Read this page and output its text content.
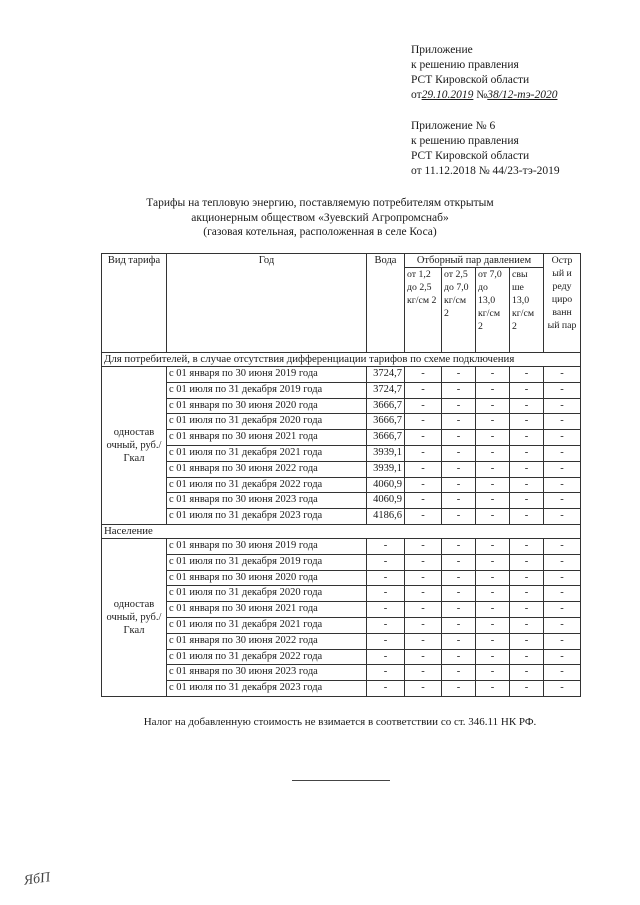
Приложение
к решению правления
РСТ Кировской области
от29.10.2019 №38/12-тэ-2020
Приложение № 6
к решению правления
РСТ Кировской области
от 11.12.2018 № 44/23-тэ-2019
Тарифы на тепловую энергию, поставляемую потребителям открытым
акционерным обществом «Зуевский Агропромснаб»
(газовая котельная, расположенная в селе Коса)
Вид тарифа	Год	Вода	Отборный пар давлением				Остр ый и реду циро ванн ый пар
			от 1,2 до 2,5 кг/см 2	от 2,5 до 7,0 кг/см 2	от 7,0 до 13,0 кг/см 2	свы ше 13,0 кг/см 2	
Для потребителей, в случае отсутствия дифференциации тарифов по схеме подключения							
одностав очный, руб./Гкал	с 01 января по 30 июня 2019 года	3724,7	-	-	-	-	-
	с 01 июля по 31 декабря 2019 года	3724,7	-	-	-	-	-
	с 01 января по 30 июня 2020 года	3666,7	-	-	-	-	-
	с 01 июля по 31 декабря 2020 года	3666,7	-	-	-	-	-
	с 01 января по 30 июня 2021 года	3666,7	-	-	-	-	-
	с 01 июля по 31 декабря 2021 года	3939,1	-	-	-	-	-
	с 01 января по 30 июня 2022 года	3939,1	-	-	-	-	-
	с 01 июля по 31 декабря 2022 года	4060,9	-	-	-	-	-
	с 01 января по 30 июня 2023 года	4060,9	-	-	-	-	-
	с 01 июля по 31 декабря 2023 года	4186,6	-	-	-	-	-
Население							
одностав очный, руб./Гкал	с 01 января по 30 июня 2019 года	-	-	-	-	-	-
	с 01 июля по 31 декабря 2019 года	-	-	-	-	-	-
	с 01 января по 30 июня 2020 года	-	-	-	-	-	-
	с 01 июля по 31 декабря 2020 года	-	-	-	-	-	-
	с 01 января по 30 июня 2021 года	-	-	-	-	-	-
	с 01 июля по 31 декабря 2021 года	-	-	-	-	-	-
	с 01 января по 30 июня 2022 года	-	-	-	-	-	-
	с 01 июля по 31 декабря 2022 года	-	-	-	-	-	-
	с 01 января по 30 июня 2023 года	-	-	-	-	-	-
	с 01 июля по 31 декабря 2023 года	-	-	-	-	-	-
Налог на добавленную стоимость не взимается в соответствии со ст. 346.11 НК РФ.
ЯбП
